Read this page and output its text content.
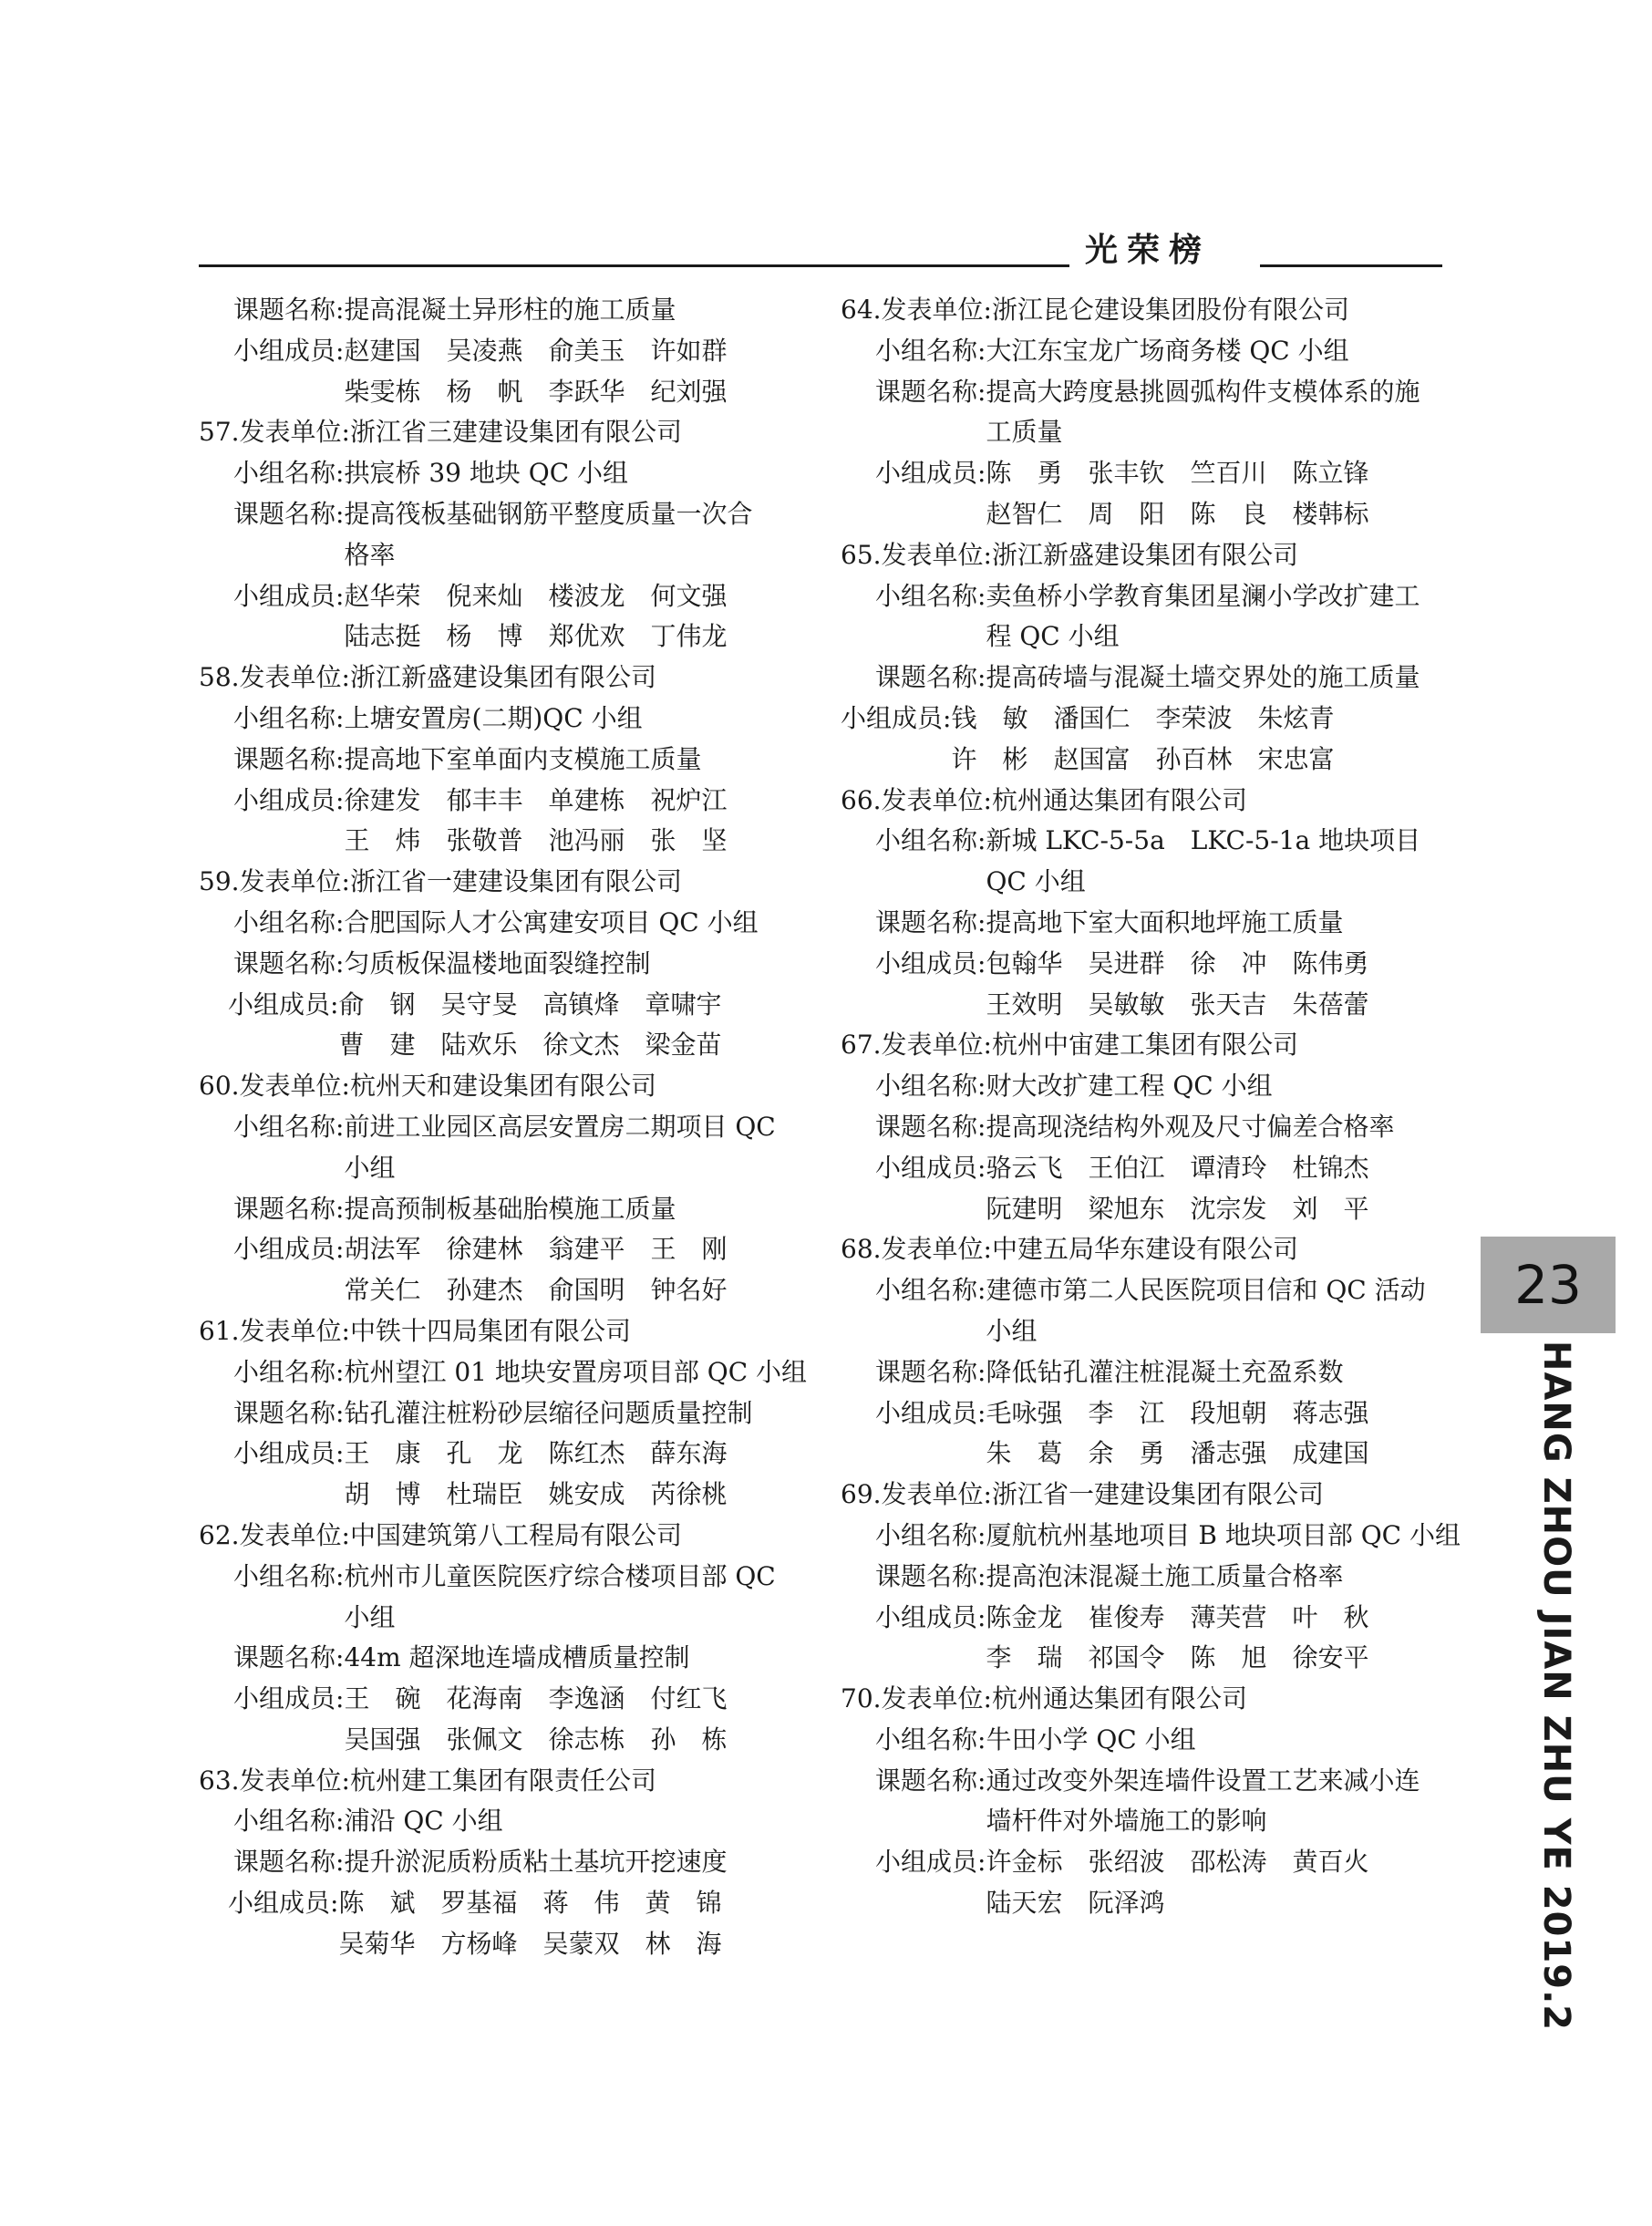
光荣榜
课题名称: 提高混凝土异形柱的施工质量
小组成员: 赵建国　吴凌燕　俞美玉　许如群
柴雯栋　杨　帆　李跃华　纪刘强
57.发表单位: 浙江省三建建设集团有限公司
小组名称: 拱宸桥 39 地块 QC 小组
课题名称: 提高筏板基础钢筋平整度质量一次合
格率
小组成员: 赵华荣　倪来灿　楼波龙　何文强
陆志挺　杨　博　郑优欢　丁伟龙
58.发表单位: 浙江新盛建设集团有限公司
小组名称: 上塘安置房(二期)QC 小组
课题名称: 提高地下室单面内支模施工质量
小组成员: 徐建发　郁丰丰　单建栋　祝炉江
王　炜　张敬普　池冯丽　张　坚
59.发表单位: 浙江省一建建设集团有限公司
小组名称: 合肥国际人才公寓建安项目 QC 小组
课题名称: 匀质板保温楼地面裂缝控制
小组成员: 俞　钢　吴守旻　高镇烽　章啸宇
曹　建　陆欢乐　徐文杰　梁金苗
60.发表单位: 杭州天和建设集团有限公司
小组名称: 前进工业园区高层安置房二期项目 QC
小组
课题名称: 提高预制板基础胎模施工质量
小组成员: 胡法军　徐建林　翁建平　王　刚
常关仁　孙建杰　俞国明　钟名好
61.发表单位: 中铁十四局集团有限公司
小组名称: 杭州望江 01 地块安置房项目部 QC 小组
课题名称: 钻孔灌注桩粉砂层缩径问题质量控制
小组成员: 王　康　孔　龙　陈红杰　薛东海
胡　博　杜瑞臣　姚安成　芮徐桃
62.发表单位: 中国建筑第八工程局有限公司
小组名称: 杭州市儿童医院医疗综合楼项目部 QC
小组
课题名称: 44m 超深地连墙成槽质量控制
小组成员: 王　碗　花海南　李逸涵　付红飞
吴国强　张佩文　徐志栋　孙　栋
63.发表单位: 杭州建工集团有限责任公司
小组名称: 浦沿 QC 小组
课题名称: 提升淤泥质粉质粘土基坑开挖速度
小组成员: 陈　斌　罗基福　蒋　伟　黄　锦
吴菊华　方杨峰　吴蒙双　林　海
64.发表单位: 浙江昆仑建设集团股份有限公司
小组名称: 大江东宝龙广场商务楼 QC 小组
课题名称: 提高大跨度悬挑圆弧构件支模体系的施
工质量
小组成员: 陈　勇　张丰钦　竺百川　陈立锋
赵智仁　周　阳　陈　良　楼韩标
65.发表单位: 浙江新盛建设集团有限公司
小组名称: 卖鱼桥小学教育集团星澜小学改扩建工
程 QC 小组
课题名称: 提高砖墙与混凝土墙交界处的施工质量
小组成员: 钱　敏　潘国仁　李荣波　朱炫青
许　彬　赵国富　孙百林　宋忠富
66.发表单位: 杭州通达集团有限公司
小组名称: 新城 LKC-5-5a　LKC-5-1a 地块项目
QC 小组
课题名称: 提高地下室大面积地坪施工质量
小组成员: 包翰华　吴进群　徐　冲　陈伟勇
王效明　吴敏敏　张天吉　朱蓓蕾
67.发表单位: 杭州中宙建工集团有限公司
小组名称: 财大改扩建工程 QC 小组
课题名称: 提高现浇结构外观及尺寸偏差合格率
小组成员: 骆云飞　王伯江　谭清玲　杜锦杰
阮建明　梁旭东　沈宗发　刘　平
68.发表单位: 中建五局华东建设有限公司
小组名称: 建德市第二人民医院项目信和 QC 活动
小组
课题名称: 降低钻孔灌注桩混凝土充盈系数
小组成员: 毛咏强　李　江　段旭朝　蒋志强
朱　葛　余　勇　潘志强　成建国
69.发表单位: 浙江省一建建设集团有限公司
小组名称: 厦航杭州基地项目 B 地块项目部 QC 小组
课题名称: 提高泡沫混凝土施工质量合格率
小组成员: 陈金龙　崔俊寿　薄芙营　叶　秋
李　瑞　祁国令　陈　旭　徐安平
70.发表单位: 杭州通达集团有限公司
小组名称: 牛田小学 QC 小组
课题名称: 通过改变外架连墙件设置工艺来减小连
墙杆件对外墙施工的影响
小组成员: 许金标　张绍波　邵松涛　黄百火
陆天宏　阮泽鸿
23
HANG ZHOU JIAN ZHU YE 2019.2
